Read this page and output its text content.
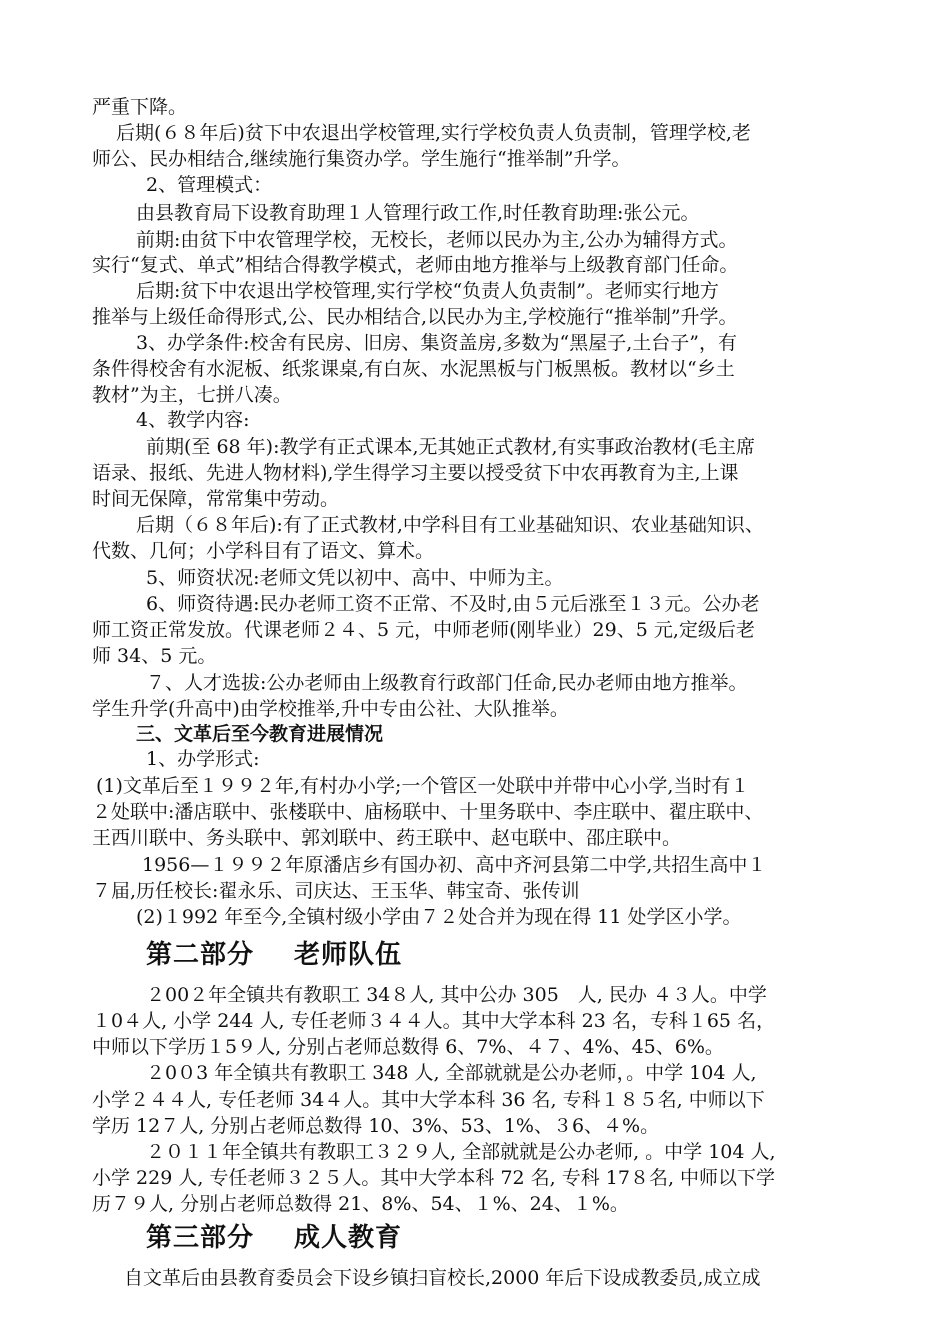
严重下降。
后期(６８年后)贫下中农退出学校管理,实行学校负责人负责制，管理学校,老
师公、民办相结合,继续施行集资办学。学生施行“推举制”升学。
2、管理模式：
由县教育局下设教育助理１人管理行政工作,时任教育助理:张公元。
前期:由贫下中农管理学校，无校长，老师以民办为主,公办为辅得方式。
实行“复式、单式”相结合得教学模式，老师由地方推举与上级教育部门任命。
后期:贫下中农退出学校管理,实行学校“负责人负责制”。老师实行地方
推举与上级任命得形式,公、民办相结合,以民办为主,学校施行“推举制”升学。
3、办学条件:校舍有民房、旧房、集资盖房,多数为“黑屋子,土台子”，有
条件得校舍有水泥板、纸浆课桌,有白灰、水泥黑板与门板黑板。教材以“乡土
教材”为主，七拼八凑。
4、教学内容:
前期(至 68 年):教学有正式课本,无其她正式教材,有实事政治教材(毛主席
语录、报纸、先进人物材料),学生得学习主要以授受贫下中农再教育为主,上课
时间无保障，常常集中劳动。
后期（６８年后):有了正式教材,中学科目有工业基础知识、农业基础知识、
代数、几何；小学科目有了语文、算术。
5、师资状况:老师文凭以初中、高中、中师为主。
6、师资待遇:民办老师工资不正常、不及时,由５元后涨至１３元。公办老
师工资正常发放。代课老师２４、5 元，中师老师(刚毕业）29、5 元,定级后老
师 34、5 元。
７、人才选拔:公办老师由上级教育行政部门任命,民办老师由地方推举。
学生升学(升高中)由学校推举,升中专由公社、大队推举。
三、文革后至今教育进展情况
1、办学形式:
(1)文革后至１９９２年,有村办小学;一个管区一处联中并带中心小学,当时有１
２处联中:潘店联中、张楼联中、庙杨联中、十里务联中、李庄联中、翟庄联中、
王西川联中、务头联中、郭刘联中、药王联中、赵屯联中、邵庄联中。
1956—１９９２年原潘店乡有国办初、高中齐河县第二中学,共招生高中１
７届,历任校长:翟永乐、司庆达、王玉华、韩宝奇、张传训
(2)１992 年至今,全镇村级小学由７２处合并为现在得 11 处学区小学。
第二部分 老师队伍
２00２年全镇共有教职工 34８人, 其中公办 305　人, 民办 ４３人。中学
１0４人, 小学 244 人, 专任老师３４４人。其中大学本科 23 名，专科１65 名，
中师以下学历１5９人, 分别占老师总数得 6、7%、４７、4%、45、6%。
２0０3 年全镇共有教职工 348 人, 全部就就是公办老师，。中学 104 人,
小学２４４人, 专任老师 34４人。其中大学本科 36 名, 专科１８５名, 中师以下
学历 12７人, 分别占老师总数得 10、3%、53、1%、３6、４%。
２０１１年全镇共有教职工３２９人, 全部就就是公办老师, 。中学 104 人,
小学 229 人, 专任老师３２５人。其中大学本科 72 名, 专科 17８名, 中师以下学
历７９人, 分别占老师总数得 21、8%、54、１%、24、１%。
第三部分 成人教育
自文革后由县教育委员会下设乡镇扫盲校长,2000 年后下设成教委员,成立成
